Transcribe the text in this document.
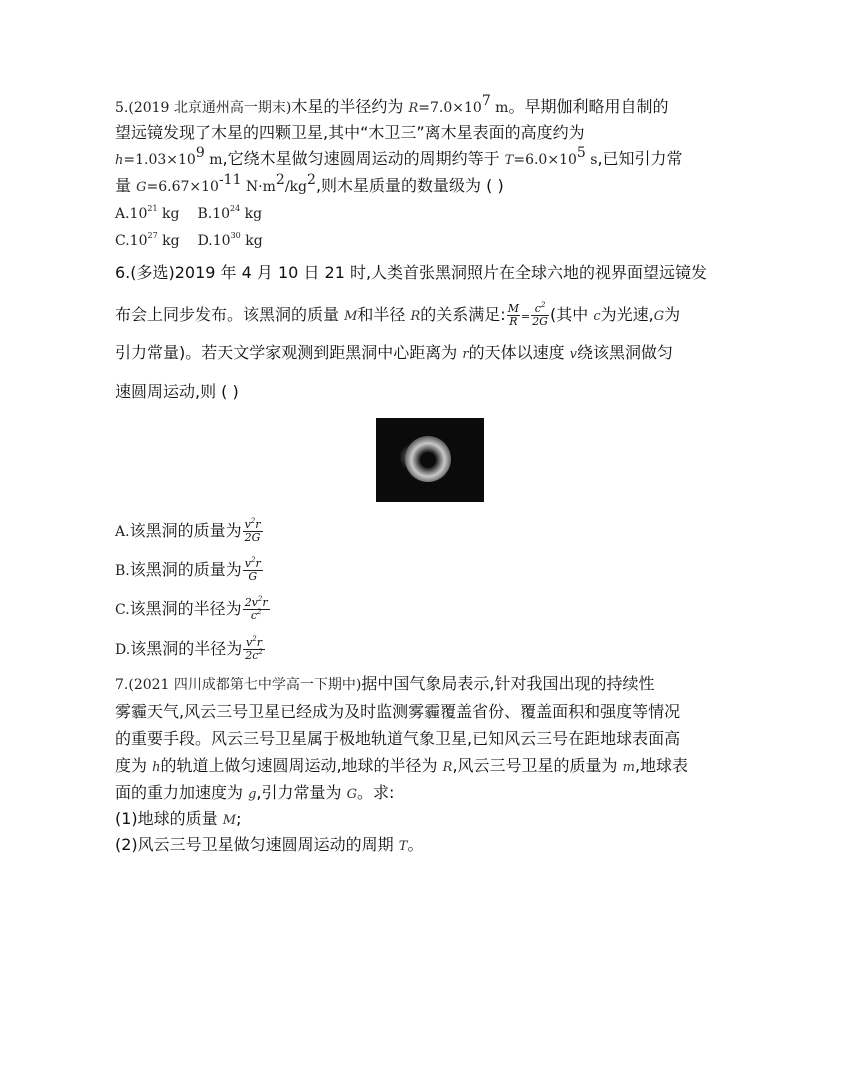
5.(2019 北京通州高一期末)木星的半径约为 $R=7.0\times 10^7$ m。早期伽利略用自制的
望远镜发现了木星的四颗卫星,其中“木卫三”离木星表面的高度约为
$h=1.03\times 10^9$ m,它绕木星做匀速圆周运动的周期约等于 $T=6.0\times 10^5$ s,已知引力常
量 $G=6.67\times 10^{-11}$ $N\cdot m^2/kg^2$,则木星质量的数量级为 ( )
$A.10^{21}$ kg $B.10^{24}$ kg
$C.10^{27}$ kg $D.10^{30}$ kg
6.(多选)2019 年 4 月 10 日 21 时,人类首张黑洞照片在全球六地的视界面望远镜发
布会上同步发布。该黑洞的质量 M和半径 R的关系满足: $\frac{M}{R} = \frac{c^2}{2G}$ (其中 c为光速,G为
引力常量)。若天文学家观测到距黑洞中心距离为 r的天体以速度 v绕该黑洞做匀
速圆周运动,则 ( )
A.该黑洞的质量为 $\frac{v^2r}{2G}$
B.该黑洞的质量为 $\frac{v^2r}{G}$
C.该黑洞的半径为 $\frac{2v^2r}{c^2}$
D.该黑洞的半径为 $\frac{v^2r}{2c^2}$
7.(2021 四川成都第七中学高一下期中)据中国气象局表示,针对我国出现的持续性
雾霾天气,风云三号卫星已经成为及时监测雾霾覆盖省份、覆盖面积和强度等情况
的重要手段。风云三号卫星属于极地轨道气象卫星,已知风云三号在距地球表面高
度为 h的轨道上做匀速圆周运动,地球的半径为 R,风云三号卫星的质量为 m,地球表
面的重力加速度为 g,引力常量为 G。求:
(1)地球的质量 M;
(2)风云三号卫星做匀速圆周运动的周期 T。
